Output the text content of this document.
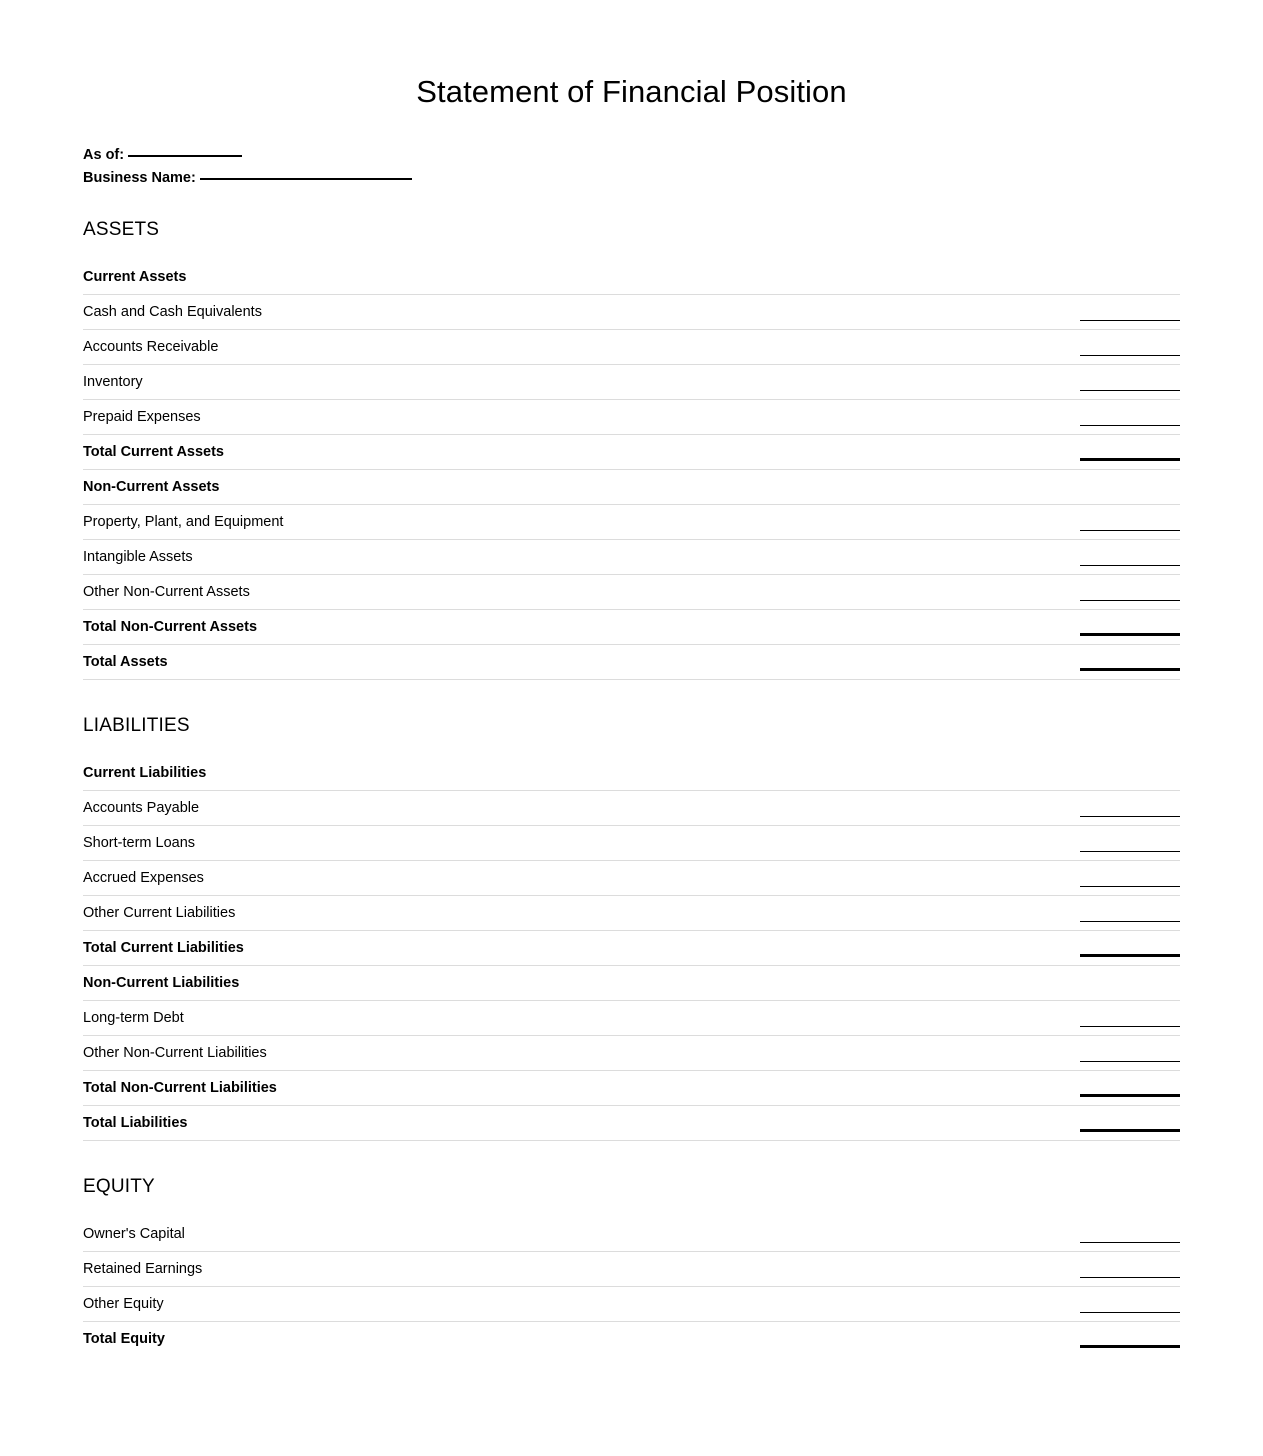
Statement of Financial Position
As of:
Business Name:
ASSETS
Current Assets
Cash and Cash Equivalents
Accounts Receivable
Inventory
Prepaid Expenses
Total Current Assets
Non-Current Assets
Property, Plant, and Equipment
Intangible Assets
Other Non-Current Assets
Total Non-Current Assets
Total Assets
LIABILITIES
Current Liabilities
Accounts Payable
Short-term Loans
Accrued Expenses
Other Current Liabilities
Total Current Liabilities
Non-Current Liabilities
Long-term Debt
Other Non-Current Liabilities
Total Non-Current Liabilities
Total Liabilities
EQUITY
Owner's Capital
Retained Earnings
Other Equity
Total Equity
